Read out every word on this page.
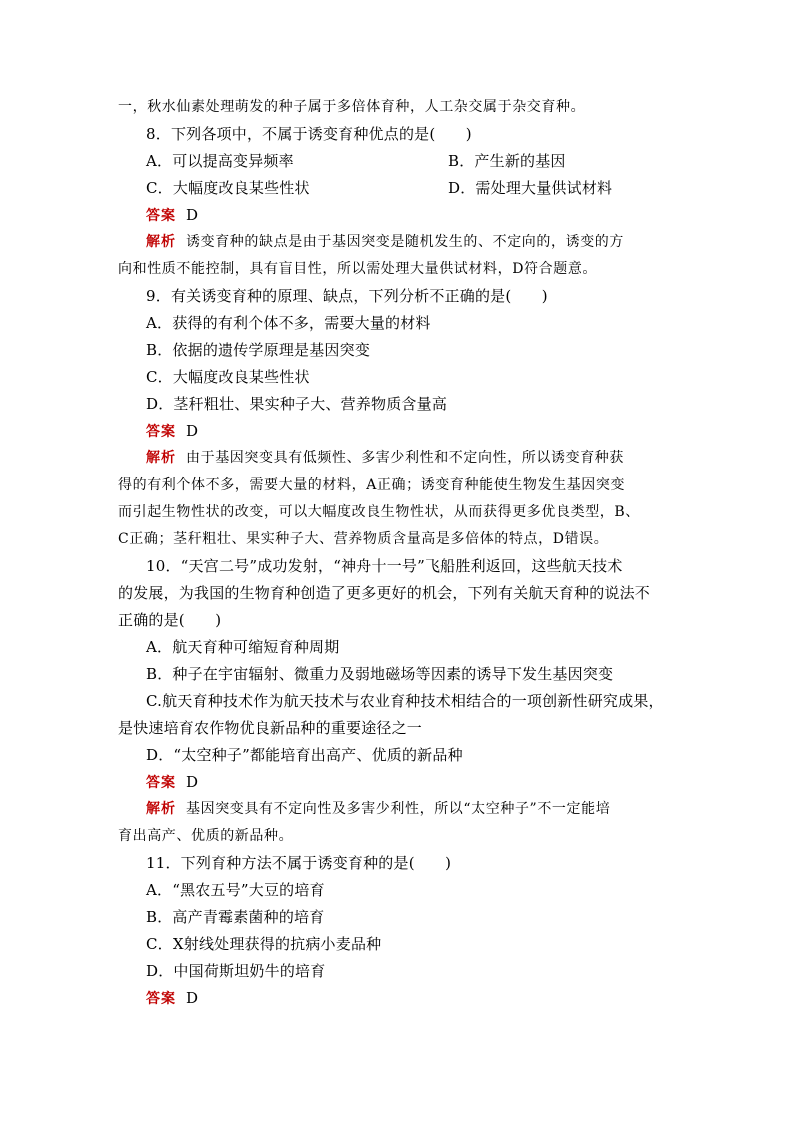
一，秋水仙素处理萌发的种子属于多倍体育种，人工杂交属于杂交育种。
8．下列各项中，不属于诱变育种优点的是(　　)
A．可以提高变异频率	B．产生新的基因
C．大幅度改良某些性状	D．需处理大量供试材料
答案 D
解析 诱变育种的缺点是由于基因突变是随机发生的、不定向的，诱变的方
向和性质不能控制，具有盲目性，所以需处理大量供试材料，D符合题意。
9．有关诱变育种的原理、缺点，下列分析不正确的是(　　)
A．获得的有利个体不多，需要大量的材料
B．依据的遗传学原理是基因突变
C．大幅度改良某些性状
D．茎秆粗壮、果实种子大、营养物质含量高
答案 D
解析 由于基因突变具有低频性、多害少利性和不定向性，所以诱变育种获
得的有利个体不多，需要大量的材料，A正确；诱变育种能使生物发生基因突变
而引起生物性状的改变，可以大幅度改良生物性状，从而获得更多优良类型，B、
C正确；茎秆粗壮、果实种子大、营养物质含量高是多倍体的特点，D错误。
10．“天宫二号”成功发射，“神舟十一号”飞船胜利返回，这些航天技术
的发展，为我国的生物育种创造了更多更好的机会，下列有关航天育种的说法不
正确的是(　　)
A．航天育种可缩短育种周期
B．种子在宇宙辐射、微重力及弱地磁场等因素的诱导下发生基因突变
C.航天育种技术作为航天技术与农业育种技术相结合的一项创新性研究成果，
是快速培育农作物优良新品种的重要途径之一
D．“太空种子”都能培育出高产、优质的新品种
答案 D
解析 基因突变具有不定向性及多害少利性，所以“太空种子”不一定能培
育出高产、优质的新品种。
11．下列育种方法不属于诱变育种的是(　　)
A．“黑农五号”大豆的培育
B．高产青霉素菌种的培育
C．X射线处理获得的抗病小麦品种
D．中国荷斯坦奶牛的培育
答案 D
